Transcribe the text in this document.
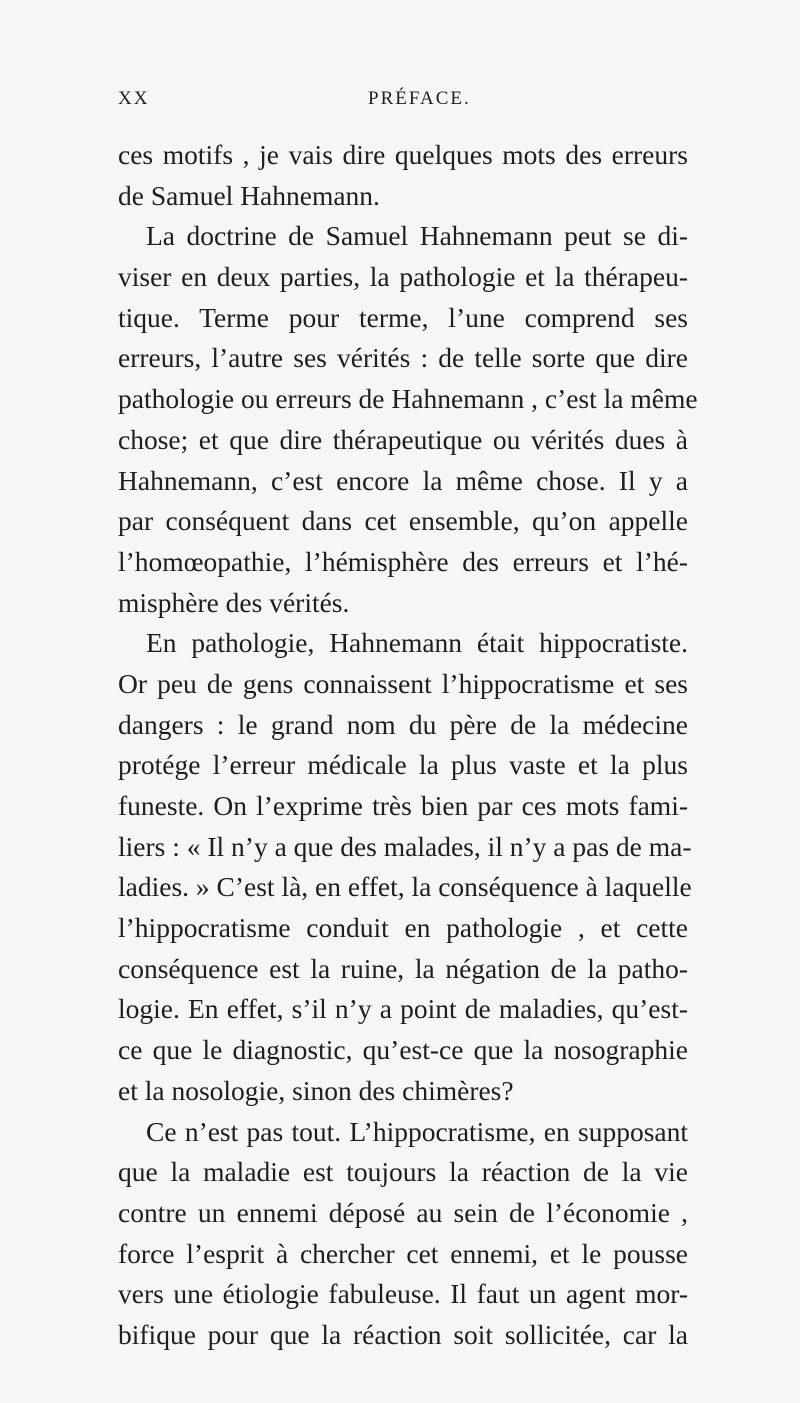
XX	PRÉFACE.
ces motifs , je vais dire quelques mots des erreurs
de Samuel Hahnemann.
La doctrine de Samuel Hahnemann peut se di-
viser en deux parties, la pathologie et la thérapeu-
tique. Terme pour terme, l’une comprend ses
erreurs, l’autre ses vérités : de telle sorte que dire
pathologie ou erreurs de Hahnemann , c’est la même
chose; et que dire thérapeutique ou vérités dues à
Hahnemann, c’est encore la même chose. Il y a
par conséquent dans cet ensemble, qu’on appelle
l’homœopathie, l’hémisphère des erreurs et l’hé-
misphère des vérités.
En pathologie, Hahnemann était hippocratiste.
Or peu de gens connaissent l’hippocratisme et ses
dangers : le grand nom du père de la médecine
protége l’erreur médicale la plus vaste et la plus
funeste. On l’exprime très bien par ces mots fami-
liers : « Il n’y a que des malades, il n’y a pas de ma-
ladies. » C’est là, en effet, la conséquence à laquelle
l’hippocratisme conduit en pathologie , et cette
conséquence est la ruine, la négation de la patho-
logie. En effet, s’il n’y a point de maladies, qu’est-
ce que le diagnostic, qu’est-ce que la nosographie
et la nosologie, sinon des chimères?
Ce n’est pas tout. L’hippocratisme, en supposant
que la maladie est toujours la réaction de la vie
contre un ennemi déposé au sein de l’économie ,
force l’esprit à chercher cet ennemi, et le pousse
vers une étiologie fabuleuse. Il faut un agent mor-
bifique pour que la réaction soit sollicitée, car la
